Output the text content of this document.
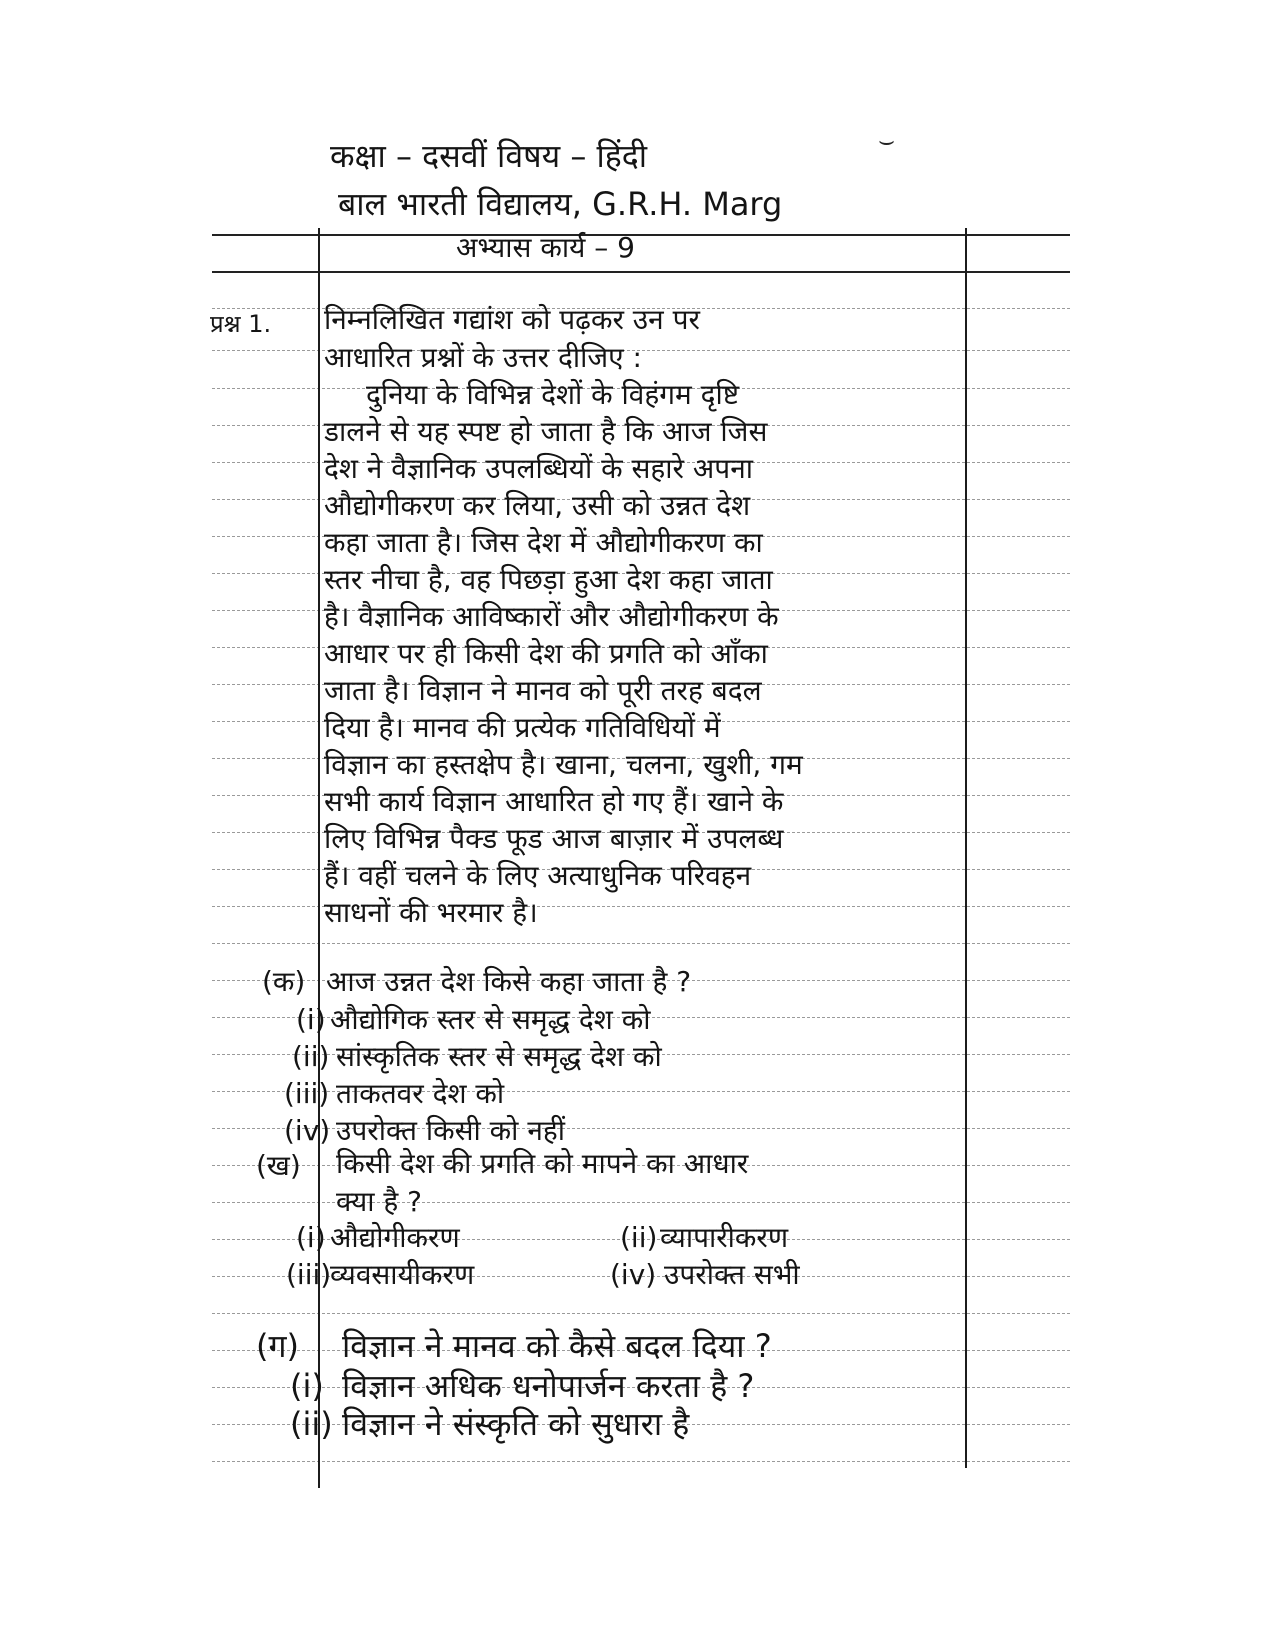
⌣
कक्षा – दसवीं विषय – हिंदी
बाल भारती विद्यालय, G.R.H. Marg
अभ्यास कार्य – 9
प्रश्न 1. निम्नलिखित गद्यांश को पढ़कर उन पर
आधारित प्रश्नों के उत्तर दीजिए :
दुनिया के विभिन्न देशों के विहंगम दृष्टि
डालने से यह स्पष्ट हो जाता है कि आज जिस
देश ने वैज्ञानिक उपलब्धियों के सहारे अपना
औद्योगीकरण कर लिया, उसी को उन्नत देश
कहा जाता है। जिस देश में औद्योगीकरण का
स्तर नीचा है, वह पिछड़ा हुआ देश कहा जाता
है। वैज्ञानिक आविष्कारों और औद्योगीकरण के
आधार पर ही किसी देश की प्रगति को आँका
जाता है। विज्ञान ने मानव को पूरी तरह बदल
दिया है। मानव की प्रत्येक गतिविधियों में
विज्ञान का हस्तक्षेप है। खाना, चलना, खुशी, गम
सभी कार्य विज्ञान आधारित हो गए हैं। खाने के
लिए विभिन्न पैक्ड फूड आज बाज़ार में उपलब्ध
हैं। वहीं चलने के लिए अत्याधुनिक परिवहन
साधनों की भरमार है।
(क) आज उन्नत देश किसे कहा जाता है ?
(i) औद्योगिक स्तर से समृद्ध देश को
(ii) सांस्कृतिक स्तर से समृद्ध देश को
(iii) ताकतवर देश को
(iv) उपरोक्त किसी को नहीं
(ख) किसी देश की प्रगति को मापने का आधार
क्या है ?
(i) औद्योगीकरण	(ii) व्यापारीकरण
(iii)
व्यवसायीकरण	(iv) उपरोक्त सभी
(ग) विज्ञान ने मानव को कैसे बदल दिया ?
(i) विज्ञान अधिक धनोपार्जन करता है ?
(ii) विज्ञान ने संस्कृति को सुधारा है
